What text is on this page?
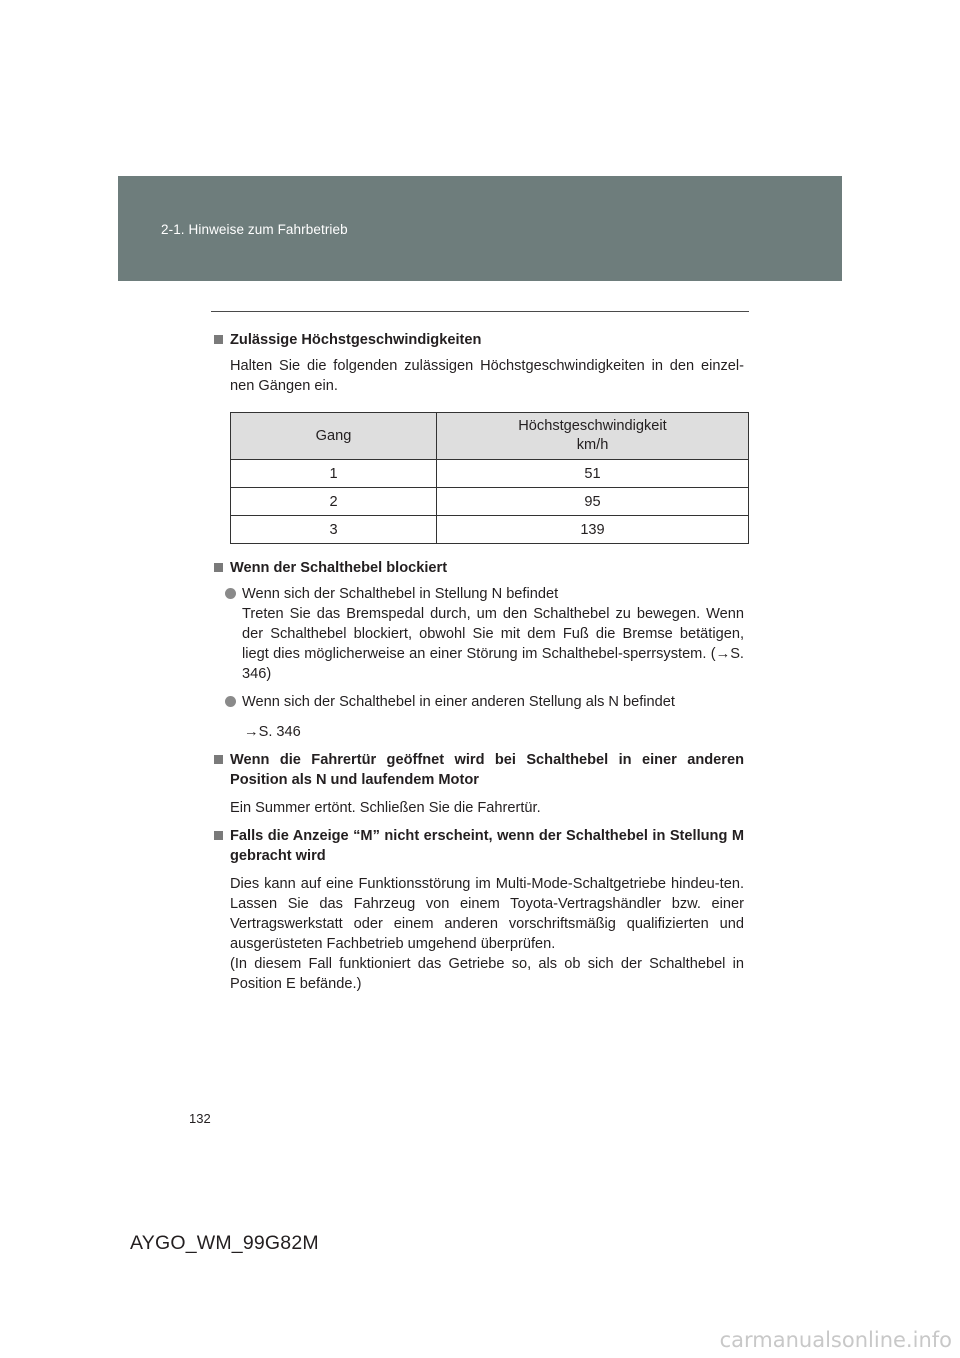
2-1. Hinweise zum Fahrbetrieb
Zulässige Höchstgeschwindigkeiten
Halten Sie die folgenden zulässigen Höchstgeschwindigkeiten in den einzel-nen Gängen ein.
Gang	Höchstgeschwindigkeit
km/h
1	51
2	95
3	139
Wenn der Schalthebel blockiert
Wenn sich der Schalthebel in Stellung N befindet
Treten Sie das Bremspedal durch, um den Schalthebel zu bewegen. Wenn der Schalthebel blockiert, obwohl Sie mit dem Fuß die Bremse betätigen, liegt dies möglicherweise an einer Störung im Schalthebel-sperrsystem. (→S. 346)
Wenn sich der Schalthebel in einer anderen Stellung als N befindet
→S. 346
Wenn die Fahrertür geöffnet wird bei Schalthebel in einer anderen Position als N und laufendem Motor
Ein Summer ertönt. Schließen Sie die Fahrertür.
Falls die Anzeige “M” nicht erscheint, wenn der Schalthebel in Stellung M gebracht wird
Dies kann auf eine Funktionsstörung im Multi-Mode-Schaltgetriebe hindeu-ten. Lassen Sie das Fahrzeug von einem Toyota-Vertragshändler bzw. einer Vertragswerkstatt oder einem anderen vorschriftsmäßig qualifizierten und ausgerüsteten Fachbetrieb umgehend überprüfen.
(In diesem Fall funktioniert das Getriebe so, als ob sich der Schalthebel in Position E befände.)
132
AYGO_WM_99G82M
carmanualsonline.info
